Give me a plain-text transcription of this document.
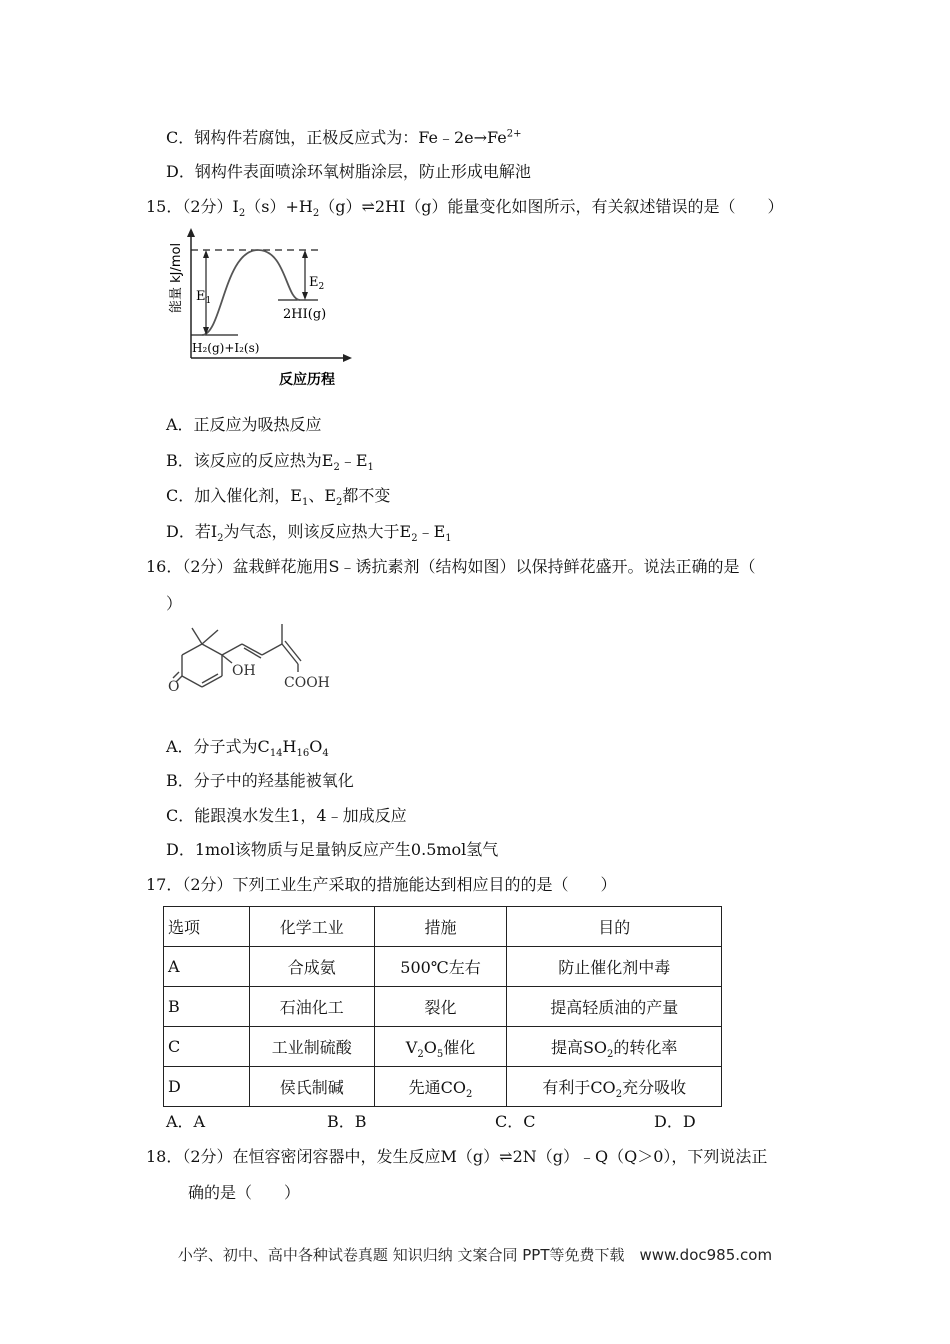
C．钢构件若腐蚀，正极反应式为：$Fe﹣2e\to Fe^{2+}$
D．钢构件表面喷涂环氧树脂涂层，防止形成电解池
15．（2分）$I_2(s)+H_2(g)\rightleftharpoons 2HI(g)$能量变化如图所示，有关叙述错误的是（　　）
$E_1$
$E_2$
2HI(g)
H₂(g)+I₂(s)
能量 kJ/mol
反应历程
A．正反应为吸热反应
B．该反应的反应热为$E_2﹣E_1$
C．加入催化剂，$E_1$、$E_2$都不变
D．若$I_2$为气态，则该反应热大于$E_2﹣E_1$
16．（2分）盆栽鲜花施用S﹣诱抗素剂（结构如图）以保持鲜花盛开。说法正确的是（
）
O
OH
COOH
A．分子式为$C_{14}H_{16}O_4$
B．分子中的羟基能被氧化
C．能跟溴水发生1，4﹣加成反应
D．1mol该物质与足量钠反应产生0.5mol氢气
17．（2分）下列工业生产采取的措施能达到相应目的的是（　　）
选项	化学工业	措施	目的
A	合成氨	500℃左右	防止催化剂中毒
B	石油化工	裂化	提高轻质油的产量
C	工业制硫酸	$V_2O_5$催化	提高$SO_2$的转化率
D	侯氏制碱	先通$CO_2$	有利于$CO_2$充分吸收
A．A	B．B	C．C	D．D
18．（2分）在恒容密闭容器中，发生反应M（g）⇌2N（g）﹣Q（Q＞0），下列说法正
确的是（　　）
小学、初中、高中各种试卷真题 知识归纳 文案合同 PPT等免费下载　www.doc985.com
